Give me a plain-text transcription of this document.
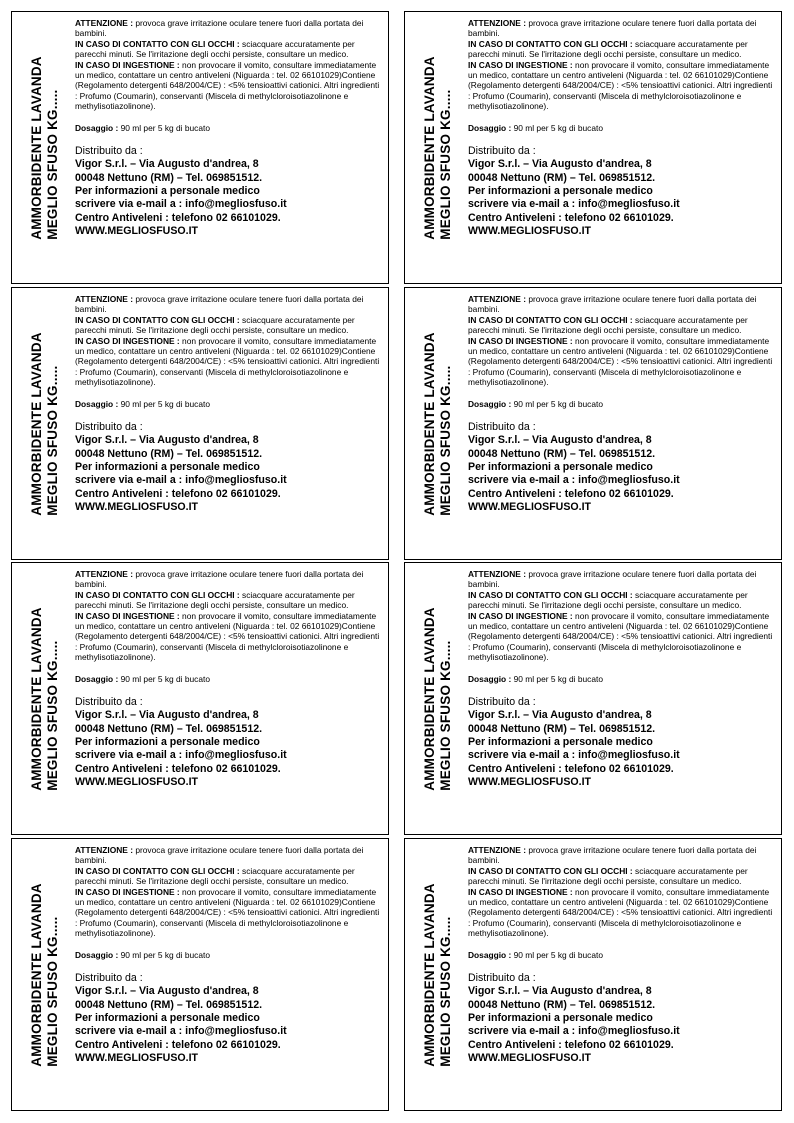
AMMORBIDENTE LAVANDA MEGLIO SFUSO KG.....

ATTENZIONE : provoca grave irritazione oculare tenere fuori dalla portata dei bambini.
IN CASO DI CONTATTO CON GLI OCCHI : sciacquare accuratamente per parecchi minuti. Se l'irritazione degli occhi persiste, consultare un medico.
IN CASO DI INGESTIONE : non provocare il vomito, consultare immediatamente un medico, contattare un centro antiveleni (Niguarda : tel. 02 66101029)Contiene (Regolamento detergenti 648/2004/CE) : <5% tensioattivi cationici. Altri ingredienti : Profumo (Coumarin), conservanti (Miscela di methylcloroisotiazolinone e methylisotiazolinone).

Dosaggio : 90 ml per 5 kg di bucato

Distribuito da :

Vigor S.r.l. – Via Augusto d'andrea, 8
00048 Nettuno (RM) – Tel. 069851512.
Per informazioni a personale medico
scrivere via e-mail a : info@megliosfuso.it
Centro Antiveleni : telefono 02 66101029.
WWW.MEGLIOSFUSO.IT	AMMORBIDENTE LAVANDA MEGLIO SFUSO KG.....

ATTENZIONE : provoca grave irritazione oculare tenere fuori dalla portata dei bambini.
IN CASO DI CONTATTO CON GLI OCCHI : sciacquare accuratamente per parecchi minuti. Se l'irritazione degli occhi persiste, consultare un medico.
IN CASO DI INGESTIONE : non provocare il vomito, consultare immediatamente un medico, contattare un centro antiveleni (Niguarda : tel. 02 66101029)Contiene (Regolamento detergenti 648/2004/CE) : <5% tensioattivi cationici. Altri ingredienti : Profumo (Coumarin), conservanti (Miscela di methylcloroisotiazolinone e methylisotiazolinone).

Dosaggio : 90 ml per 5 kg di bucato

Distribuito da :

Vigor S.r.l. – Via Augusto d'andrea, 8
00048 Nettuno (RM) – Tel. 069851512.
Per informazioni a personale medico
scrivere via e-mail a : info@megliosfuso.it
Centro Antiveleni : telefono 02 66101029.
WWW.MEGLIOSFUSO.IT

AMMORBIDENTE LAVANDA MEGLIO SFUSO KG.....

ATTENZIONE : provoca grave irritazione oculare tenere fuori dalla portata dei bambini.
IN CASO DI CONTATTO CON GLI OCCHI : sciacquare accuratamente per parecchi minuti. Se l'irritazione degli occhi persiste, consultare un medico.
IN CASO DI INGESTIONE : non provocare il vomito, consultare immediatamente un medico, contattare un centro antiveleni (Niguarda : tel. 02 66101029)Contiene (Regolamento detergenti 648/2004/CE) : <5% tensioattivi cationici. Altri ingredienti : Profumo (Coumarin), conservanti (Miscela di methylcloroisotiazolinone e methylisotiazolinone).

Dosaggio : 90 ml per 5 kg di bucato

Distribuito da :

Vigor S.r.l. – Via Augusto d'andrea, 8
00048 Nettuno (RM) – Tel. 069851512.
Per informazioni a personale medico
scrivere via e-mail a : info@megliosfuso.it
Centro Antiveleni : telefono 02 66101029.
WWW.MEGLIOSFUSO.IT	AMMORBIDENTE LAVANDA MEGLIO SFUSO KG.....

ATTENZIONE : provoca grave irritazione oculare tenere fuori dalla portata dei bambini.
IN CASO DI CONTATTO CON GLI OCCHI : sciacquare accuratamente per parecchi minuti. Se l'irritazione degli occhi persiste, consultare un medico.
IN CASO DI INGESTIONE : non provocare il vomito, consultare immediatamente un medico, contattare un centro antiveleni (Niguarda : tel. 02 66101029)Contiene (Regolamento detergenti 648/2004/CE) : <5% tensioattivi cationici. Altri ingredienti : Profumo (Coumarin), conservanti (Miscela di methylcloroisotiazolinone e methylisotiazolinone).

Dosaggio : 90 ml per 5 kg di bucato

Distribuito da :

Vigor S.r.l. – Via Augusto d'andrea, 8
00048 Nettuno (RM) – Tel. 069851512.
Per informazioni a personale medico
scrivere via e-mail a : info@megliosfuso.it
Centro Antiveleni : telefono 02 66101029.
WWW.MEGLIOSFUSO.IT

AMMORBIDENTE LAVANDA MEGLIO SFUSO KG.....

ATTENZIONE : provoca grave irritazione oculare tenere fuori dalla portata dei bambini.
IN CASO DI CONTATTO CON GLI OCCHI : sciacquare accuratamente per parecchi minuti. Se l'irritazione degli occhi persiste, consultare un medico.
IN CASO DI INGESTIONE : non provocare il vomito, consultare immediatamente un medico, contattare un centro antiveleni (Niguarda : tel. 02 66101029)Contiene (Regolamento detergenti 648/2004/CE) : <5% tensioattivi cationici. Altri ingredienti : Profumo (Coumarin), conservanti (Miscela di methylcloroisotiazolinone e methylisotiazolinone).

Dosaggio : 90 ml per 5 kg di bucato

Distribuito da :

Vigor S.r.l. – Via Augusto d'andrea, 8
00048 Nettuno (RM) – Tel. 069851512.
Per informazioni a personale medico
scrivere via e-mail a : info@megliosfuso.it
Centro Antiveleni : telefono 02 66101029.
WWW.MEGLIOSFUSO.IT	AMMORBIDENTE LAVANDA MEGLIO SFUSO KG.....

ATTENZIONE : provoca grave irritazione oculare tenere fuori dalla portata dei bambini.
IN CASO DI CONTATTO CON GLI OCCHI : sciacquare accuratamente per parecchi minuti. Se l'irritazione degli occhi persiste, consultare un medico.
IN CASO DI INGESTIONE : non provocare il vomito, consultare immediatamente un medico, contattare un centro antiveleni (Niguarda : tel. 02 66101029)Contiene (Regolamento detergenti 648/2004/CE) : <5% tensioattivi cationici. Altri ingredienti : Profumo (Coumarin), conservanti (Miscela di methylcloroisotiazolinone e methylisotiazolinone).

Dosaggio : 90 ml per 5 kg di bucato

Distribuito da :

Vigor S.r.l. – Via Augusto d'andrea, 8
00048 Nettuno (RM) – Tel. 069851512.
Per informazioni a personale medico
scrivere via e-mail a : info@megliosfuso.it
Centro Antiveleni : telefono 02 66101029.
WWW.MEGLIOSFUSO.IT

AMMORBIDENTE LAVANDA MEGLIO SFUSO KG.....

ATTENZIONE : provoca grave irritazione oculare tenere fuori dalla portata dei bambini.
IN CASO DI CONTATTO CON GLI OCCHI : sciacquare accuratamente per parecchi minuti. Se l'irritazione degli occhi persiste, consultare un medico.
IN CASO DI INGESTIONE : non provocare il vomito, consultare immediatamente un medico, contattare un centro antiveleni (Niguarda : tel. 02 66101029)Contiene (Regolamento detergenti 648/2004/CE) : <5% tensioattivi cationici. Altri ingredienti : Profumo (Coumarin), conservanti (Miscela di methylcloroisotiazolinone e methylisotiazolinone).

Dosaggio : 90 ml per 5 kg di bucato

Distribuito da :

Vigor S.r.l. – Via Augusto d'andrea, 8
00048 Nettuno (RM) – Tel. 069851512.
Per informazioni a personale medico
scrivere via e-mail a : info@megliosfuso.it
Centro Antiveleni : telefono 02 66101029.
WWW.MEGLIOSFUSO.IT	AMMORBIDENTE LAVANDA MEGLIO SFUSO KG.....

ATTENZIONE : provoca grave irritazione oculare tenere fuori dalla portata dei bambini.
IN CASO DI CONTATTO CON GLI OCCHI : sciacquare accuratamente per parecchi minuti. Se l'irritazione degli occhi persiste, consultare un medico.
IN CASO DI INGESTIONE : non provocare il vomito, consultare immediatamente un medico, contattare un centro antiveleni (Niguarda : tel. 02 66101029)Contiene (Regolamento detergenti 648/2004/CE) : <5% tensioattivi cationici. Altri ingredienti : Profumo (Coumarin), conservanti (Miscela di methylcloroisotiazolinone e methylisotiazolinone).

Dosaggio : 90 ml per 5 kg di bucato

Distribuito da :

Vigor S.r.l. – Via Augusto d'andrea, 8
00048 Nettuno (RM) – Tel. 069851512.
Per informazioni a personale medico
scrivere via e-mail a : info@megliosfuso.it
Centro Antiveleni : telefono 02 66101029.
WWW.MEGLIOSFUSO.IT
